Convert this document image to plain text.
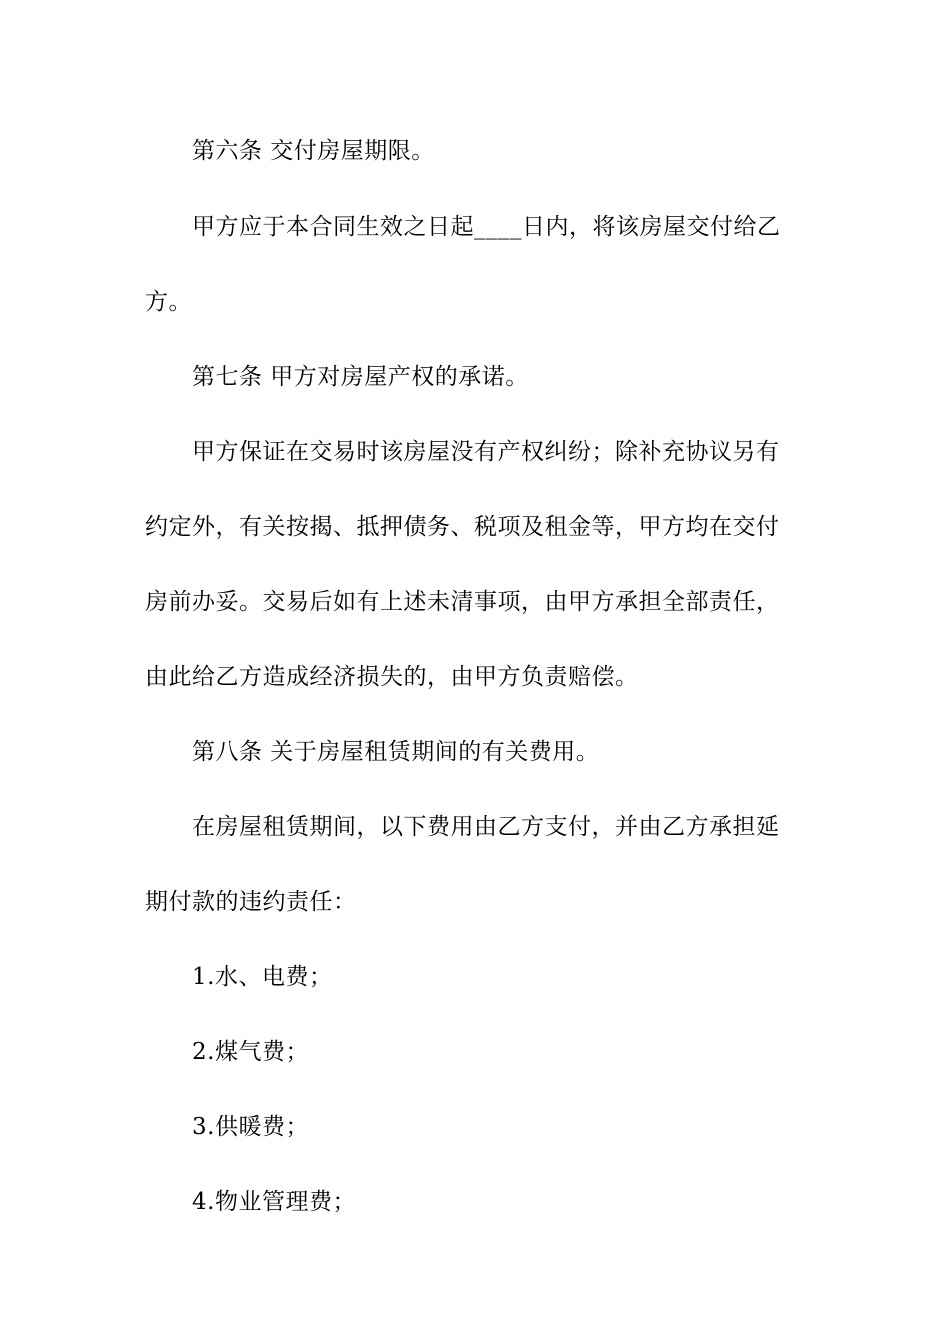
第六条 交付房屋期限。
甲方应于本合同生效之日起____日内，将该房屋交付给乙
方。
第七条 甲方对房屋产权的承诺。
甲方保证在交易时该房屋没有产权纠纷；除补充协议另有
约定外，有关按揭、抵押债务、税项及租金等，甲方均在交付
房前办妥。交易后如有上述未清事项，由甲方承担全部责任，
由此给乙方造成经济损失的，由甲方负责赔偿。
第八条 关于房屋租赁期间的有关费用。
在房屋租赁期间，以下费用由乙方支付，并由乙方承担延
期付款的违约责任：
1.水、电费；
2.煤气费；
3.供暖费；
4.物业管理费；
